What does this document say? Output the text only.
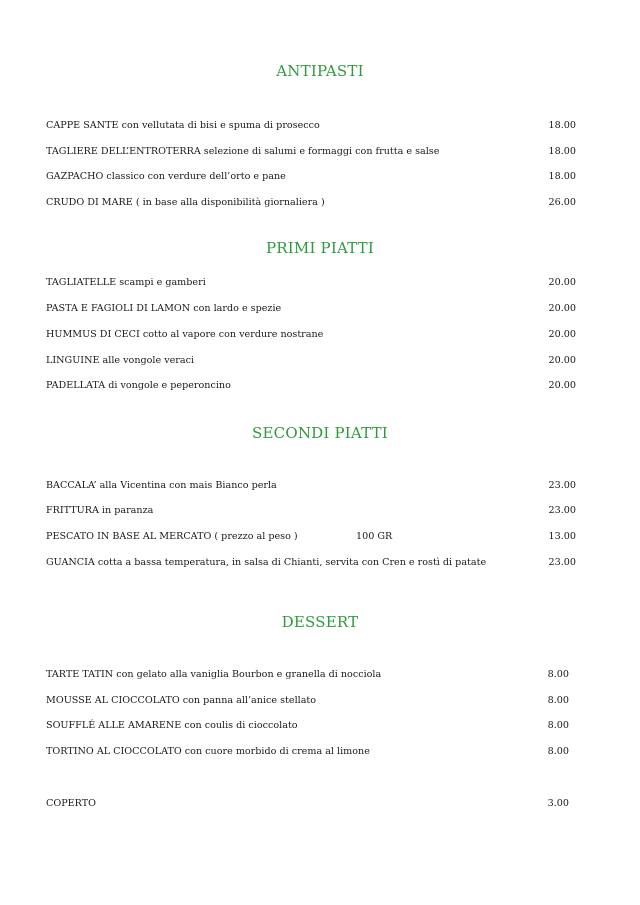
ANTIPASTI
CAPPE SANTE con vellutata di bisi e spuma di prosecco	18.00
TAGLIERE DELL’ENTROTERRA selezione di salumi e formaggi con frutta e salse	18.00
GAZPACHO classico con verdure dell’orto e pane	18.00
CRUDO DI MARE ( in base alla disponibilità giornaliera )	26.00
PRIMI PIATTI
TAGLIATELLE scampi e gamberi	20.00
PASTA E FAGIOLI DI LAMON con lardo e spezie	20.00
HUMMUS DI CECI cotto al vapore con verdure nostrane	20.00
LINGUINE alle vongole veraci	20.00
PADELLATA di vongole e peperoncino	20.00
SECONDI PIATTI
BACCALA’ alla Vicentina con mais Bianco perla	23.00
FRITTURA in paranza	23.00
PESCATO IN BASE AL MERCATO ( prezzo al peso )	100 GR	13.00
GUANCIA cotta a bassa temperatura, in salsa di Chianti, servita con Cren e rostì di patate	23.00
DESSERT
TARTE TATIN con gelato alla vaniglia Bourbon e granella di nocciola	8.00
MOUSSE AL CIOCCOLATO con panna all’anice stellato	8.00
SOUFFLÉ ALLE AMARENE con coulis di cioccolato	8.00
TORTINO AL CIOCCOLATO con cuore morbido di crema al limone	8.00
COPERTO	3.00
